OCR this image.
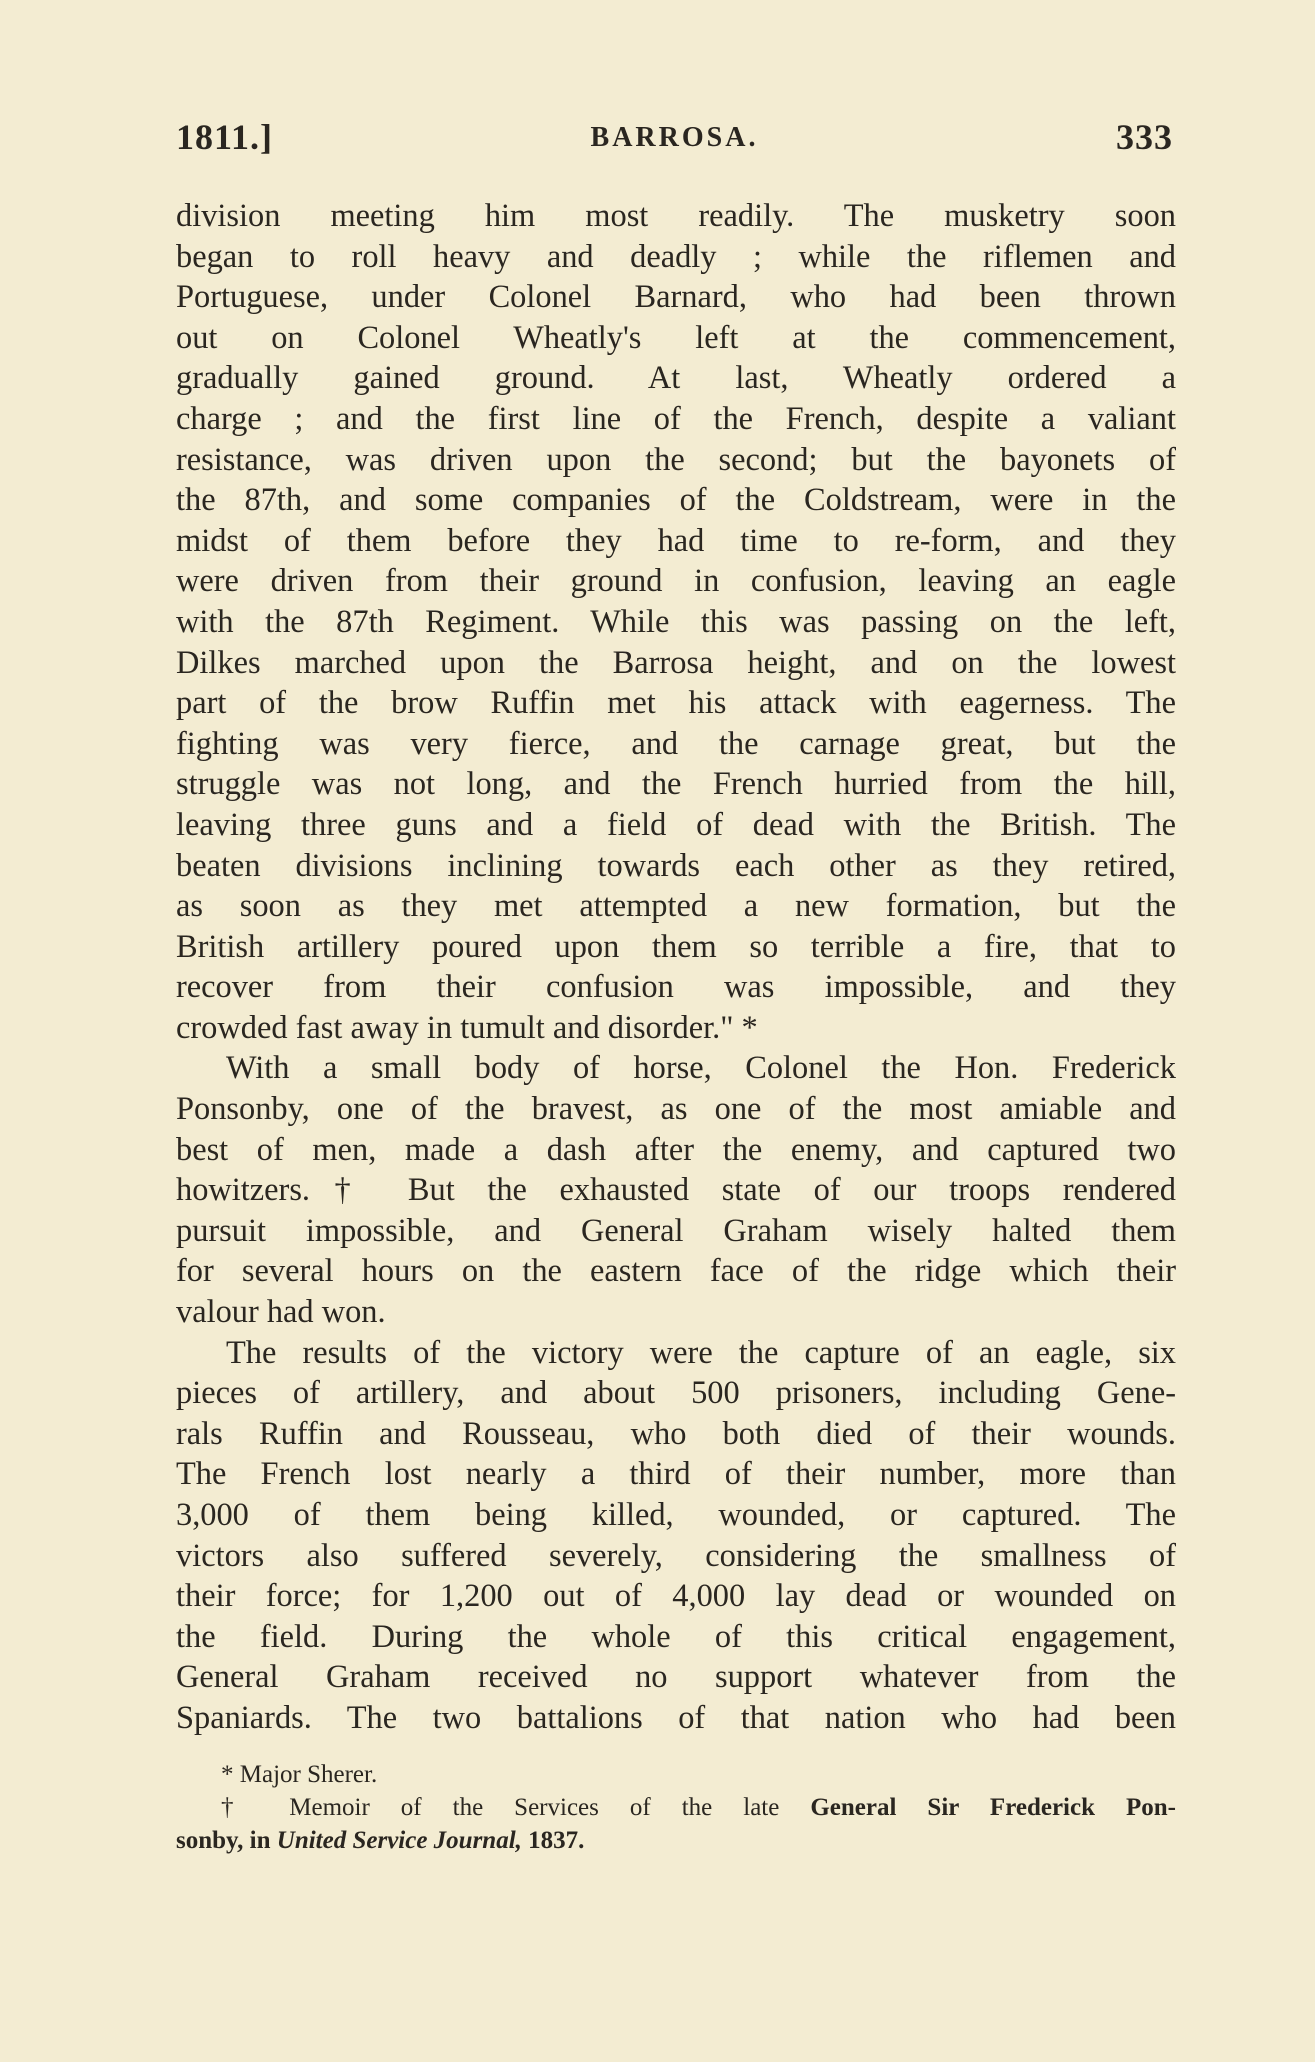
1811.]	BARROSA.	333
division meeting him most readily. The musketry soon
began to roll heavy and deadly ; while the riflemen and
Portuguese, under Colonel Barnard, who had been thrown
out on Colonel Wheatly's left at the commencement,
gradually gained ground. At last, Wheatly ordered a
charge ; and the first line of the French, despite a valiant
resistance, was driven upon the second; but the bayonets of
the 87th, and some companies of the Coldstream, were in the
midst of them before they had time to re-form, and they
were driven from their ground in confusion, leaving an eagle
with the 87th Regiment. While this was passing on the left,
Dilkes marched upon the Barrosa height, and on the lowest
part of the brow Ruffin met his attack with eagerness. The
fighting was very fierce, and the carnage great, but the
struggle was not long, and the French hurried from the hill,
leaving three guns and a field of dead with the British. The
beaten divisions inclining towards each other as they retired,
as soon as they met attempted a new formation, but the
British artillery poured upon them so terrible a fire, that to
recover from their confusion was impossible, and they
crowded fast away in tumult and disorder." *
With a small body of horse, Colonel the Hon. Frederick
Ponsonby, one of the bravest, as one of the most amiable and
best of men, made a dash after the enemy, and captured two
howitzers.† But the exhausted state of our troops rendered
pursuit impossible, and General Graham wisely halted them
for several hours on the eastern face of the ridge which their
valour had won.
The results of the victory were the capture of an eagle, six
pieces of artillery, and about 500 prisoners, including Gene-
rals Ruffin and Rousseau, who both died of their wounds.
The French lost nearly a third of their number, more than
3,000 of them being killed, wounded, or captured. The
victors also suffered severely, considering the smallness of
their force; for 1,200 out of 4,000 lay dead or wounded on
the field. During the whole of this critical engagement,
General Graham received no support whatever from the
Spaniards. The two battalions of that nation who had been
* Major Sherer.
† Memoir of the Services of the late General Sir Frederick Pon-
sonby, in United Service Journal, 1837.
